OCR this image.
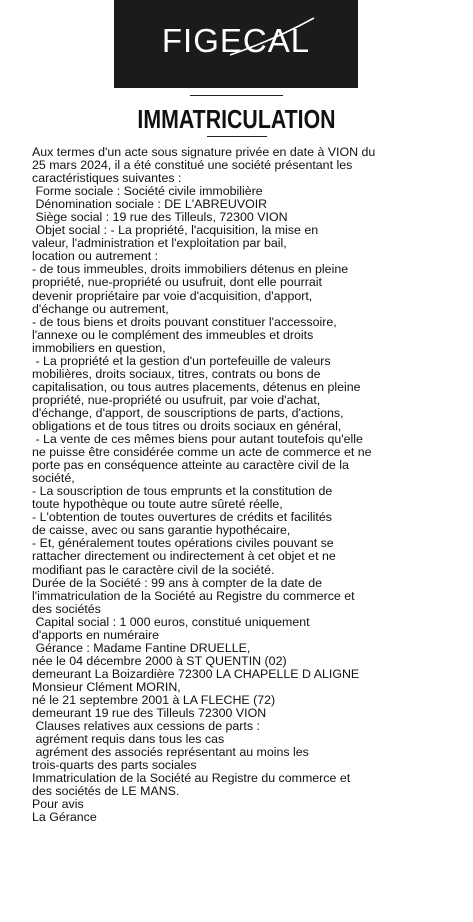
FIGECAL
IMMATRICULATION
Aux termes d'un acte sous signature privée en date à VION du
25 mars 2024, il a été constitué une société présentant les
caractéristiques suivantes :
Forme sociale : Société civile immobilière
Dénomination sociale : DE L'ABREUVOIR
Siège social : 19 rue des Tilleuls, 72300 VION
Objet social : - La propriété, l'acquisition, la mise en
valeur, l'administration et l'exploitation par bail,
location ou autrement :
- de tous immeubles, droits immobiliers détenus en pleine
propriété, nue-propriété ou usufruit, dont elle pourrait
devenir propriétaire par voie d'acquisition, d'apport,
d'échange ou autrement,
- de tous biens et droits pouvant constituer l'accessoire,
l'annexe ou le complément des immeubles et droits
immobiliers en question,
- La propriété et la gestion d'un portefeuille de valeurs
mobilières, droits sociaux, titres, contrats ou bons de
capitalisation, ou tous autres placements, détenus en pleine
propriété, nue-propriété ou usufruit, par voie d'achat,
d'échange, d'apport, de souscriptions de parts, d'actions,
obligations et de tous titres ou droits sociaux en général,
- La vente de ces mêmes biens pour autant toutefois qu'elle
ne puisse être considérée comme un acte de commerce et ne
porte pas en conséquence atteinte au caractère civil de la
société,
- La souscription de tous emprunts et la constitution de
toute hypothèque ou toute autre sûreté réelle,
- L'obtention de toutes ouvertures de crédits et facilités
de caisse, avec ou sans garantie hypothécaire,
- Et, généralement toutes opérations civiles pouvant se
rattacher directement ou indirectement à cet objet et ne
modifiant pas le caractère civil de la société.
Durée de la Société : 99 ans à compter de la date de
l'immatriculation de la Société au Registre du commerce et
des sociétés
Capital social : 1 000 euros, constitué uniquement
d'apports en numéraire
Gérance : Madame Fantine DRUELLE,
née le 04 décembre 2000 à ST QUENTIN (02)
demeurant La Boizardière 72300 LA CHAPELLE D ALIGNE
Monsieur Clément MORIN,
né le 21 septembre 2001 à LA FLECHE (72)
demeurant 19 rue des Tilleuls 72300 VION
Clauses relatives aux cessions de parts :
agrément requis dans tous les cas
agrément des associés représentant au moins les
trois-quarts des parts sociales
Immatriculation de la Société au Registre du commerce et
des sociétés de LE MANS.
Pour avis
La Gérance
